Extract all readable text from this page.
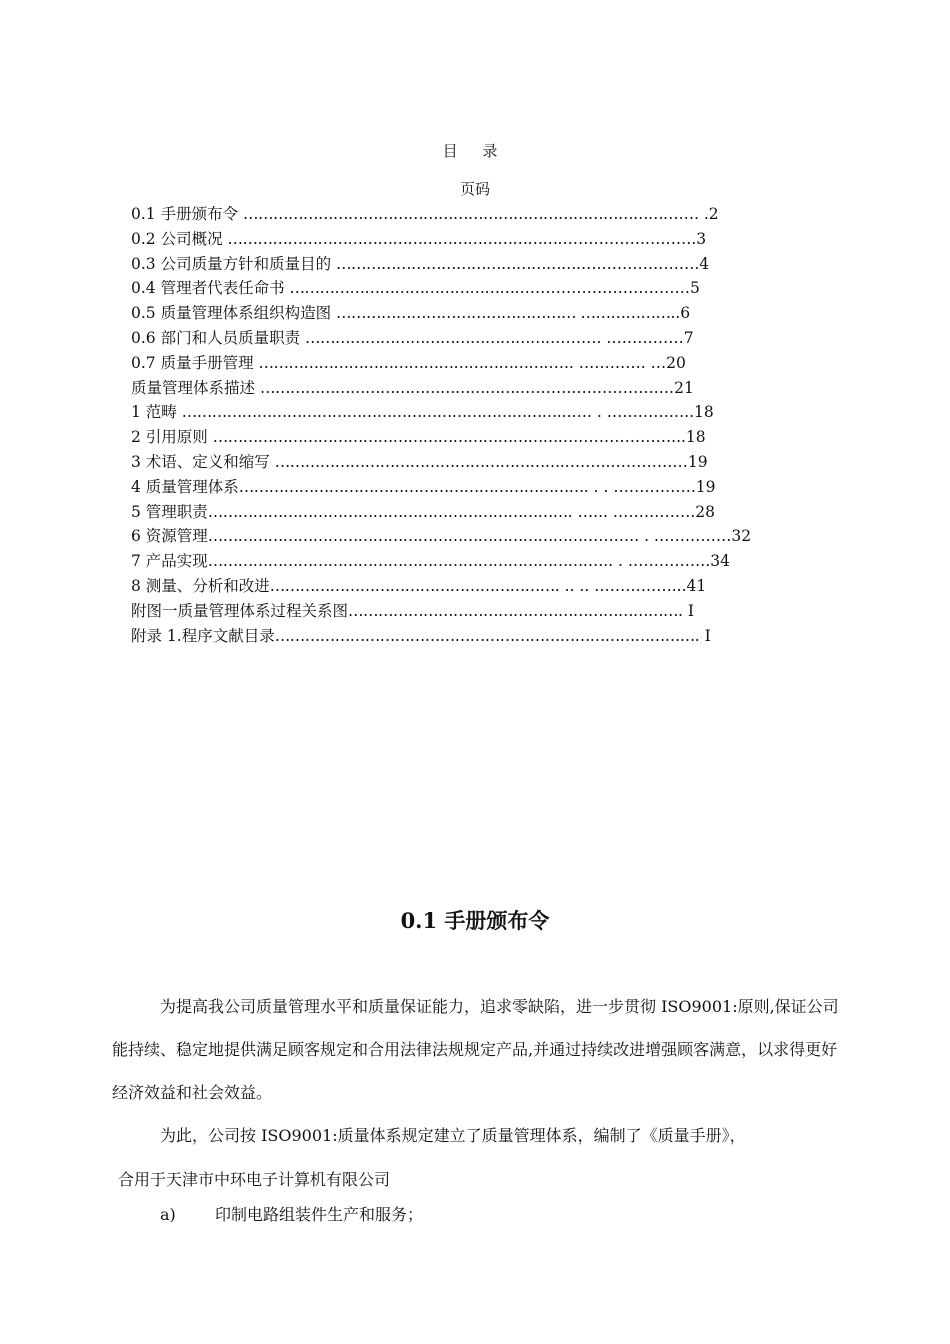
目 录
页码
0.1 手册颁布令 ………………………………………………………………………………. .2
0.2 公司概况 ………………………………………………………….…………….……….3
0.3 公司质量方针和质量目的 ………………………………………….….……………….4
0.4 管理者代表任命书 ……………………………………….……………………………5
0.5 质量管理体系组织构造图 ………………………………………… ………………..6
0.6 部门和人员质量职责 ………………………………………….………. ……………7
0.7 质量手册管理 ………………………………………………….….. …………. …20
质量管理体系描述 …………………………………………….……….….………….…21
1 范畴 …………………………………………………………………...…. . ……………..18
2 引用原则 ……………………………………………………………….………………...18
3 术语、定义和缩写 ………………………………………………….….…..……………19
4 质量管理体系……………………………………………………………. . . …………….19
5 管理职责………………………………………………………………. …... …………….28
6 资源管理……………………………………………………………………….…. . ……………32
7 产品实现……………………………………………………………………... . …………….34
8 测量、分析和改进…………………………………………………. .. .. ……………...41
附图一质量管理体系过程关系图…………………………………………………………. Ⅰ
附录 1.程序文献目录…………………………………………………………………………. Ⅰ
0.1 手册颁布令

为提高我公司质量管理水平和质量保证能力，追求零缺陷，进一步贯彻 ISO9001:原则,保证公司能持续、稳定地提供满足顾客规定和合用法律法规规定产品,并通过持续改进增强顾客满意，以求得更好经济效益和社会效益。

为此，公司按 ISO9001:质量体系规定建立了质量管理体系，编制了《质量手册》，

合用于天津市中环电子计算机有限公司

a) 印制电路组装件生产和服务；
